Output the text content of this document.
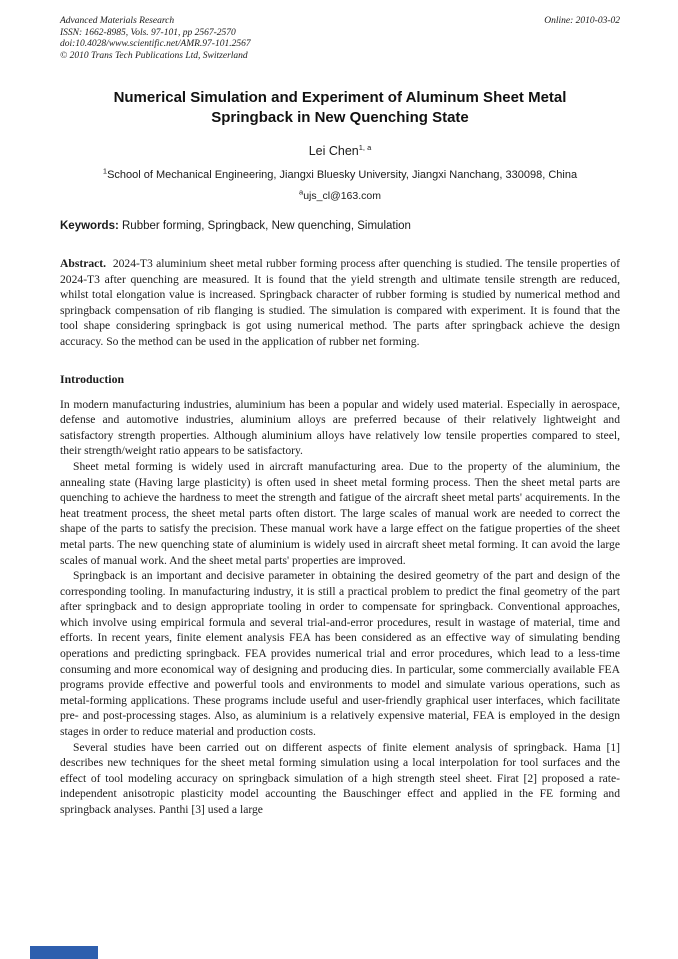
Advanced Materials Research
ISSN: 1662-8985, Vols. 97-101, pp 2567-2570
doi:10.4028/www.scientific.net/AMR.97-101.2567
© 2010 Trans Tech Publications Ltd, Switzerland
Online: 2010-03-02
Numerical Simulation and Experiment of Aluminum Sheet Metal Springback in New Quenching State
Lei Chen$^{1, a}$
$^1$School of Mechanical Engineering, Jiangxi Bluesky University, Jiangxi Nanchang, 330098, China
$^a$ujs_cl@163.com
Keywords: Rubber forming, Springback, New quenching, Simulation

Abstract. 2024-T3 aluminium sheet metal rubber forming process after quenching is studied. The tensile properties of 2024-T3 after quenching are measured. It is found that the yield strength and ultimate tensile strength are reduced, whilst total elongation value is increased. Springback character of rubber forming is studied by numerical method and springback compensation of rib flanging is studied. The simulation is compared with experiment. It is found that the tool shape considering springback is got using numerical method. The parts after springback achieve the design accuracy. So the method can be used in the application of rubber net forming.

Introduction

In modern manufacturing industries, aluminium has been a popular and widely used material. Especially in aerospace, defense and automotive industries, aluminium alloys are preferred because of their relatively lightweight and satisfactory strength properties. Although aluminium alloys have relatively low tensile properties compared to steel, their strength/weight ratio appears to be satisfactory.

Sheet metal forming is widely used in aircraft manufacturing area. Due to the property of the aluminium, the annealing state (Having large plasticity) is often used in sheet metal forming process. Then the sheet metal parts are quenching to achieve the hardness to meet the strength and fatigue of the aircraft sheet metal parts' acquirements. In the heat treatment process, the sheet metal parts often distort. The large scales of manual work are needed to correct the shape of the parts to satisfy the precision. These manual work have a large effect on the fatigue properties of the sheet metal parts. The new quenching state of aluminium is widely used in aircraft sheet metal forming. It can avoid the large scales of manual work. And the sheet metal parts' properties are improved.

Springback is an important and decisive parameter in obtaining the desired geometry of the part and design of the corresponding tooling. In manufacturing industry, it is still a practical problem to predict the final geometry of the part after springback and to design appropriate tooling in order to compensate for springback. Conventional approaches, which involve using empirical formula and several trial-and-error procedures, result in wastage of material, time and efforts. In recent years, finite element analysis FEA has been considered as an effective way of simulating bending operations and predicting springback. FEA provides numerical trial and error procedures, which lead to a less-time consuming and more economical way of designing and producing dies. In particular, some commercially available FEA programs provide effective and powerful tools and environments to model and simulate various operations, such as metal-forming applications. These programs include useful and user-friendly graphical user interfaces, which facilitate pre- and post-processing stages. Also, as aluminium is a relatively expensive material, FEA is employed in the design stages in order to reduce material and production costs.

Several studies have been carried out on different aspects of finite element analysis of springback. Hama [1] describes new techniques for the sheet metal forming simulation using a local interpolation for tool surfaces and the effect of tool modeling accuracy on springback simulation of a high strength steel sheet. Firat [2] proposed a rate-independent anisotropic plasticity model accounting the Bauschinger effect and applied in the FE forming and springback analyses. Panthi [3] used a large
